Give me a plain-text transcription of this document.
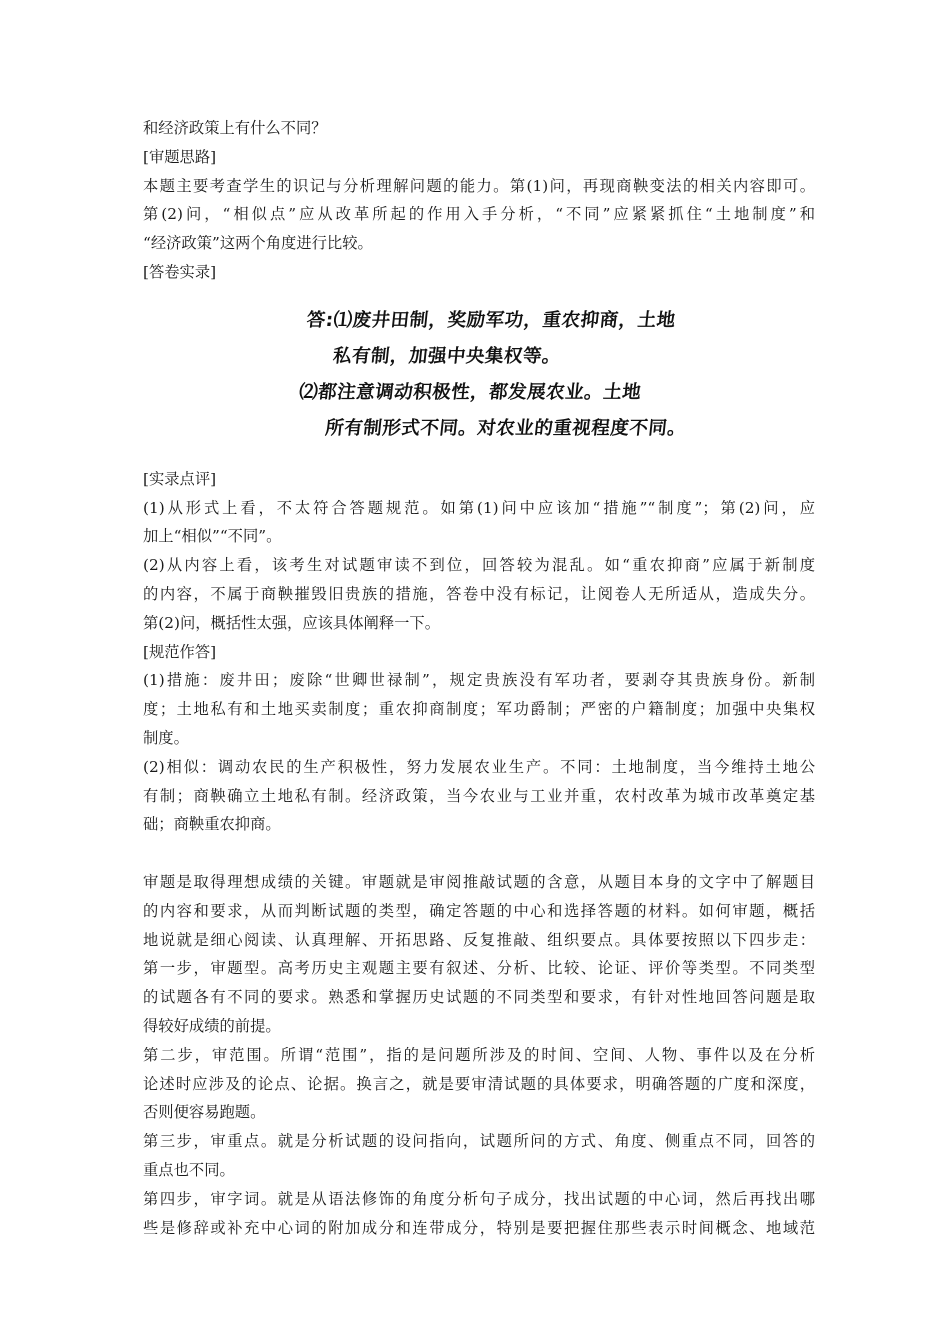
和经济政策上有什么不同？
[审题思路]
本题主要考查学生的识记与分析理解问题的能力。第(1)问，再现商鞅变法的相关内容即可。
第(2)问，“相似点”应从改革所起的作用入手分析，“不同”应紧紧抓住“土地制度”和
“经济政策”这两个角度进行比较。
[答卷实录]
答:⑴废井田制，奖励军功，重农抑商，土地
私有制，加强中央集权等。
⑵都注意调动积极性，都发展农业。土地
所有制形式不同。对农业的重视程度不同。
[实录点评]
(1)从形式上看，不太符合答题规范。如第(1)问中应该加“措施”“制度”；第(2)问，应
加上“相似”“不同”。
(2)从内容上看，该考生对试题审读不到位，回答较为混乱。如“重农抑商”应属于新制度
的内容，不属于商鞅摧毁旧贵族的措施，答卷中没有标记，让阅卷人无所适从，造成失分。
第(2)问，概括性太强，应该具体阐释一下。
[规范作答]
(1)措施：废井田；废除“世卿世禄制”，规定贵族没有军功者，要剥夺其贵族身份。新制
度；土地私有和土地买卖制度；重农抑商制度；军功爵制；严密的户籍制度；加强中央集权
制度。
(2)相似：调动农民的生产积极性，努力发展农业生产。不同：土地制度，当今维持土地公
有制；商鞅确立土地私有制。经济政策，当今农业与工业并重，农村改革为城市改革奠定基
础；商鞅重农抑商。
审题是取得理想成绩的关键。审题就是审阅推敲试题的含意，从题目本身的文字中了解题目
的内容和要求，从而判断试题的类型，确定答题的中心和选择答题的材料。如何审题，概括
地说就是细心阅读、认真理解、开拓思路、反复推敲、组织要点。具体要按照以下四步走：
第一步，审题型。高考历史主观题主要有叙述、分析、比较、论证、评价等类型。不同类型
的试题各有不同的要求。熟悉和掌握历史试题的不同类型和要求，有针对性地回答问题是取
得较好成绩的前提。
第二步，审范围。所谓“范围”，指的是问题所涉及的时间、空间、人物、事件以及在分析
论述时应涉及的论点、论据。换言之，就是要审清试题的具体要求，明确答题的广度和深度，
否则便容易跑题。
第三步，审重点。就是分析试题的设问指向，试题所问的方式、角度、侧重点不同，回答的
重点也不同。
第四步，审字词。就是从语法修饰的角度分析句子成分，找出试题的中心词，然后再找出哪
些是修辞或补充中心词的附加成分和连带成分，特别是要把握住那些表示时间概念、地域范
